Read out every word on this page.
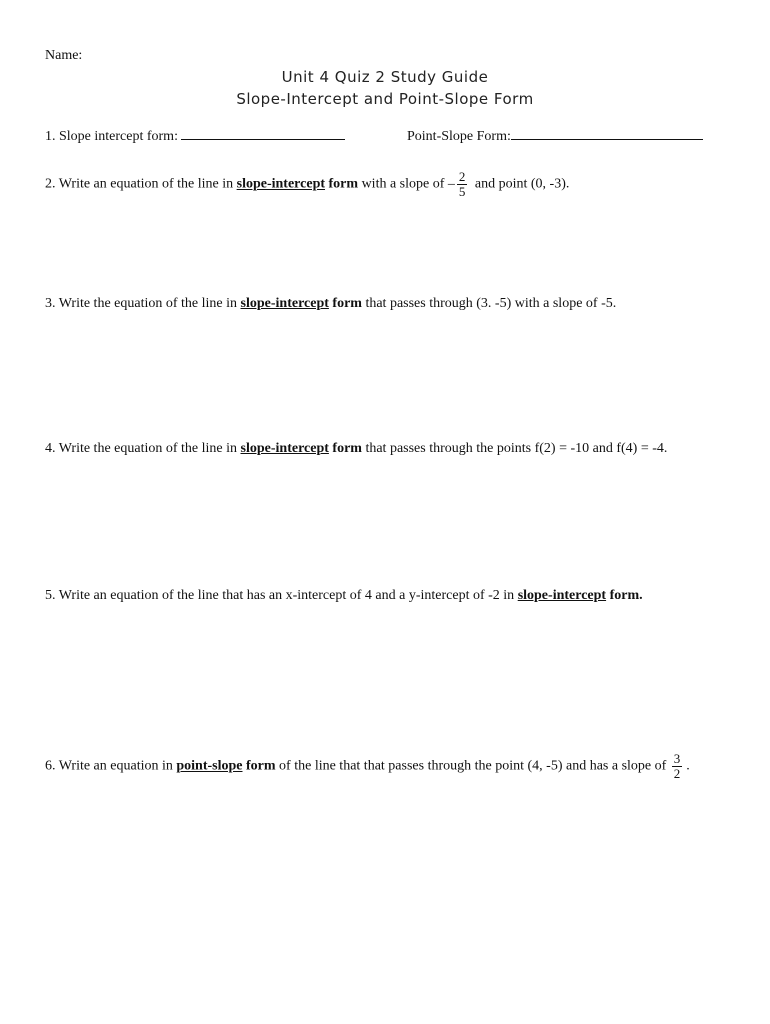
Name:
Unit 4 Quiz 2 Study Guide
Slope-Intercept and Point-Slope Form
1. Slope intercept form:	Point-Slope Form:
2. Write an equation of the line in slope-intercept form with a slope of – $\frac{2}{5}$ and point (0, -3).
3. Write the equation of the line in slope-intercept form that passes through (3. -5) with a slope of -5.
4. Write the equation of the line in slope-intercept form that passes through the points f(2) = -10 and f(4) = -4.
5. Write an equation of the line that has an x-intercept of 4 and a y-intercept of -2 in slope-intercept form.
6. Write an equation in point-slope form of the line that that passes through the point (4, -5) and has a slope of $\frac{3}{2}$ .
